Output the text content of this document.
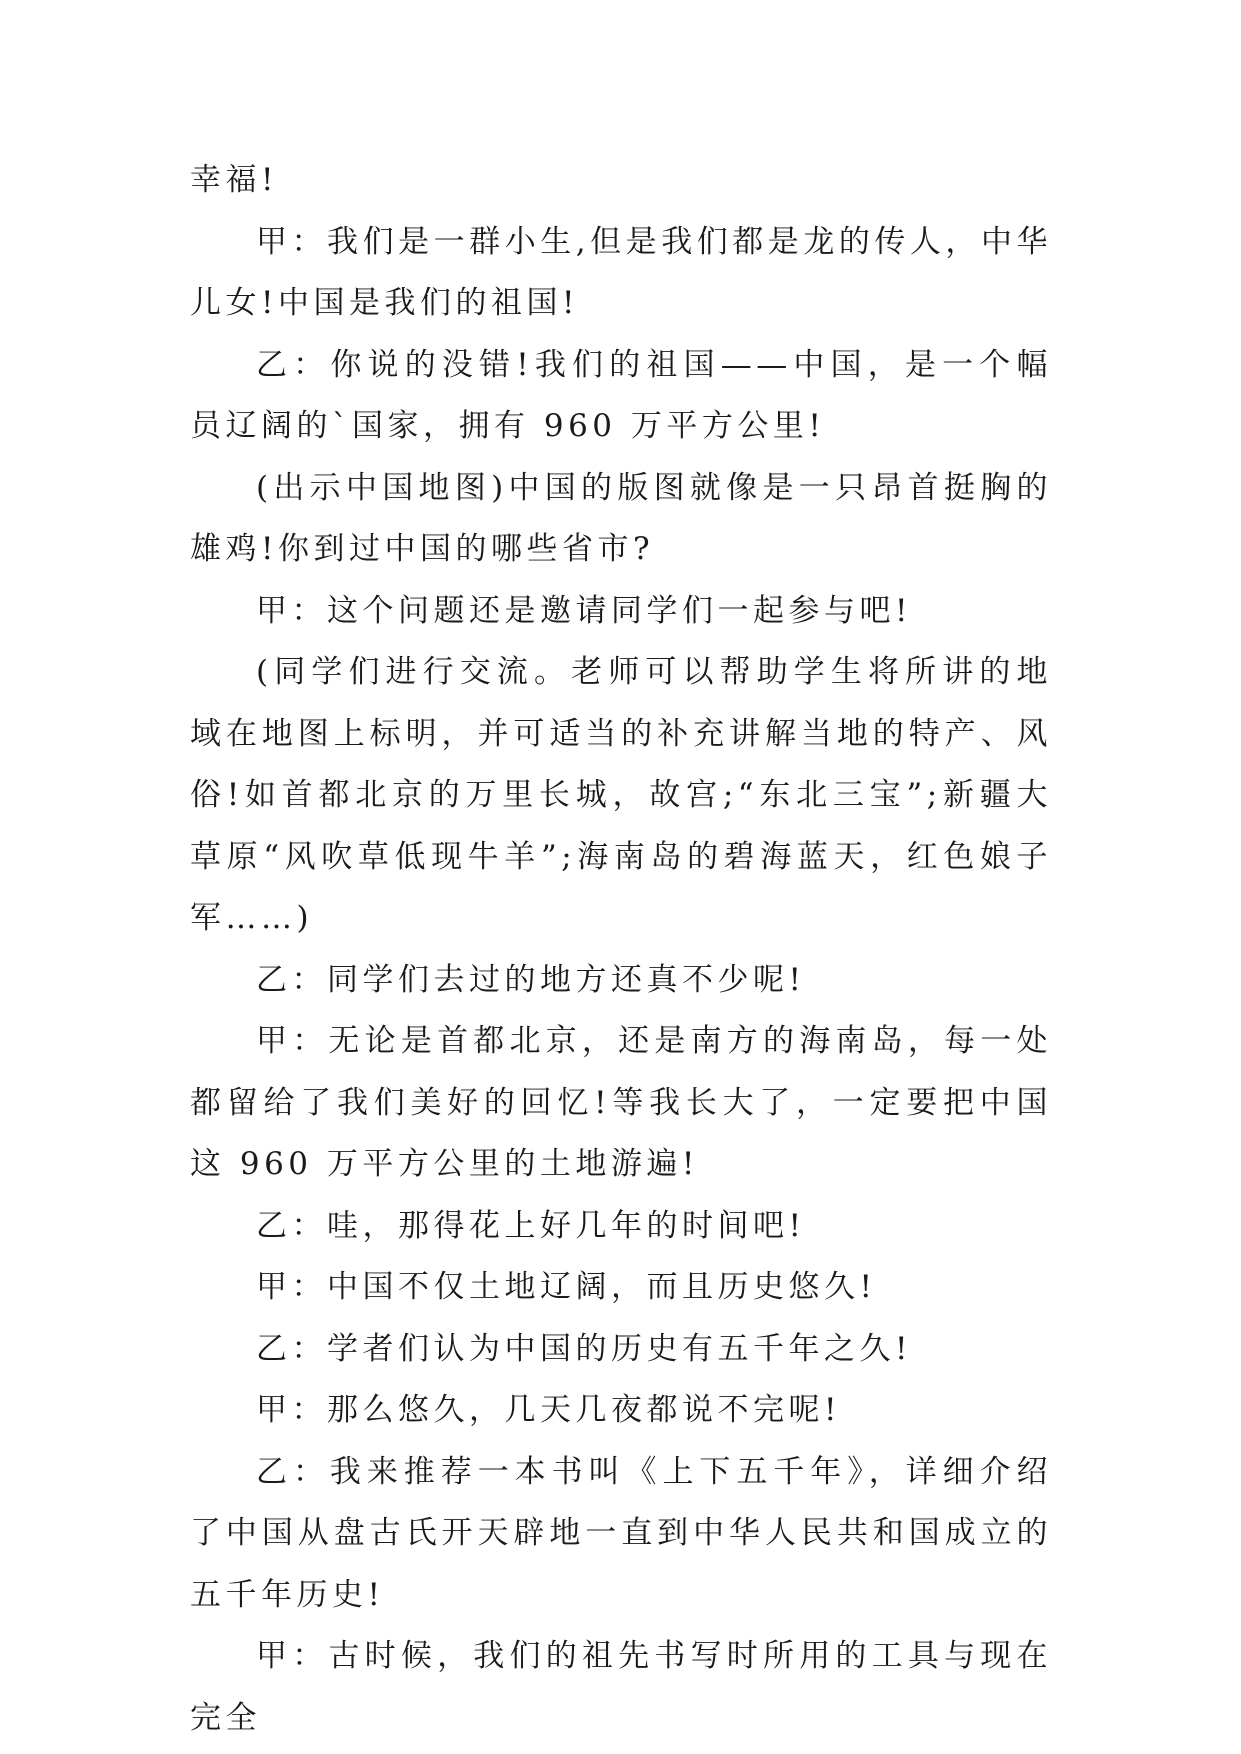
幸福!

甲：我们是一群小生,但是我们都是龙的传人，中华儿女!中国是我们的祖国!

乙：你说的没错!我们的祖国——中国，是一个幅员辽阔的`国家，拥有 960 万平方公里!

(出示中国地图)中国的版图就像是一只昂首挺胸的雄鸡!你到过中国的哪些省市?

甲：这个问题还是邀请同学们一起参与吧!

(同学们进行交流。老师可以帮助学生将所讲的地域在地图上标明，并可适当的补充讲解当地的特产、风俗!如首都北京的万里长城，故宫;“东北三宝”;新疆大草原“风吹草低现牛羊”;海南岛的碧海蓝天，红色娘子军……)

乙：同学们去过的地方还真不少呢!

甲：无论是首都北京，还是南方的海南岛，每一处都留给了我们美好的回忆!等我长大了，一定要把中国这 960 万平方公里的土地游遍!

乙：哇，那得花上好几年的时间吧!

甲：中国不仅土地辽阔，而且历史悠久!

乙：学者们认为中国的历史有五千年之久!

甲：那么悠久，几天几夜都说不完呢!

乙：我来推荐一本书叫《上下五千年》，详细介绍了中国从盘古氏开天辟地一直到中华人民共和国成立的五千年历史!

甲：古时候，我们的祖先书写时所用的工具与现在完全
